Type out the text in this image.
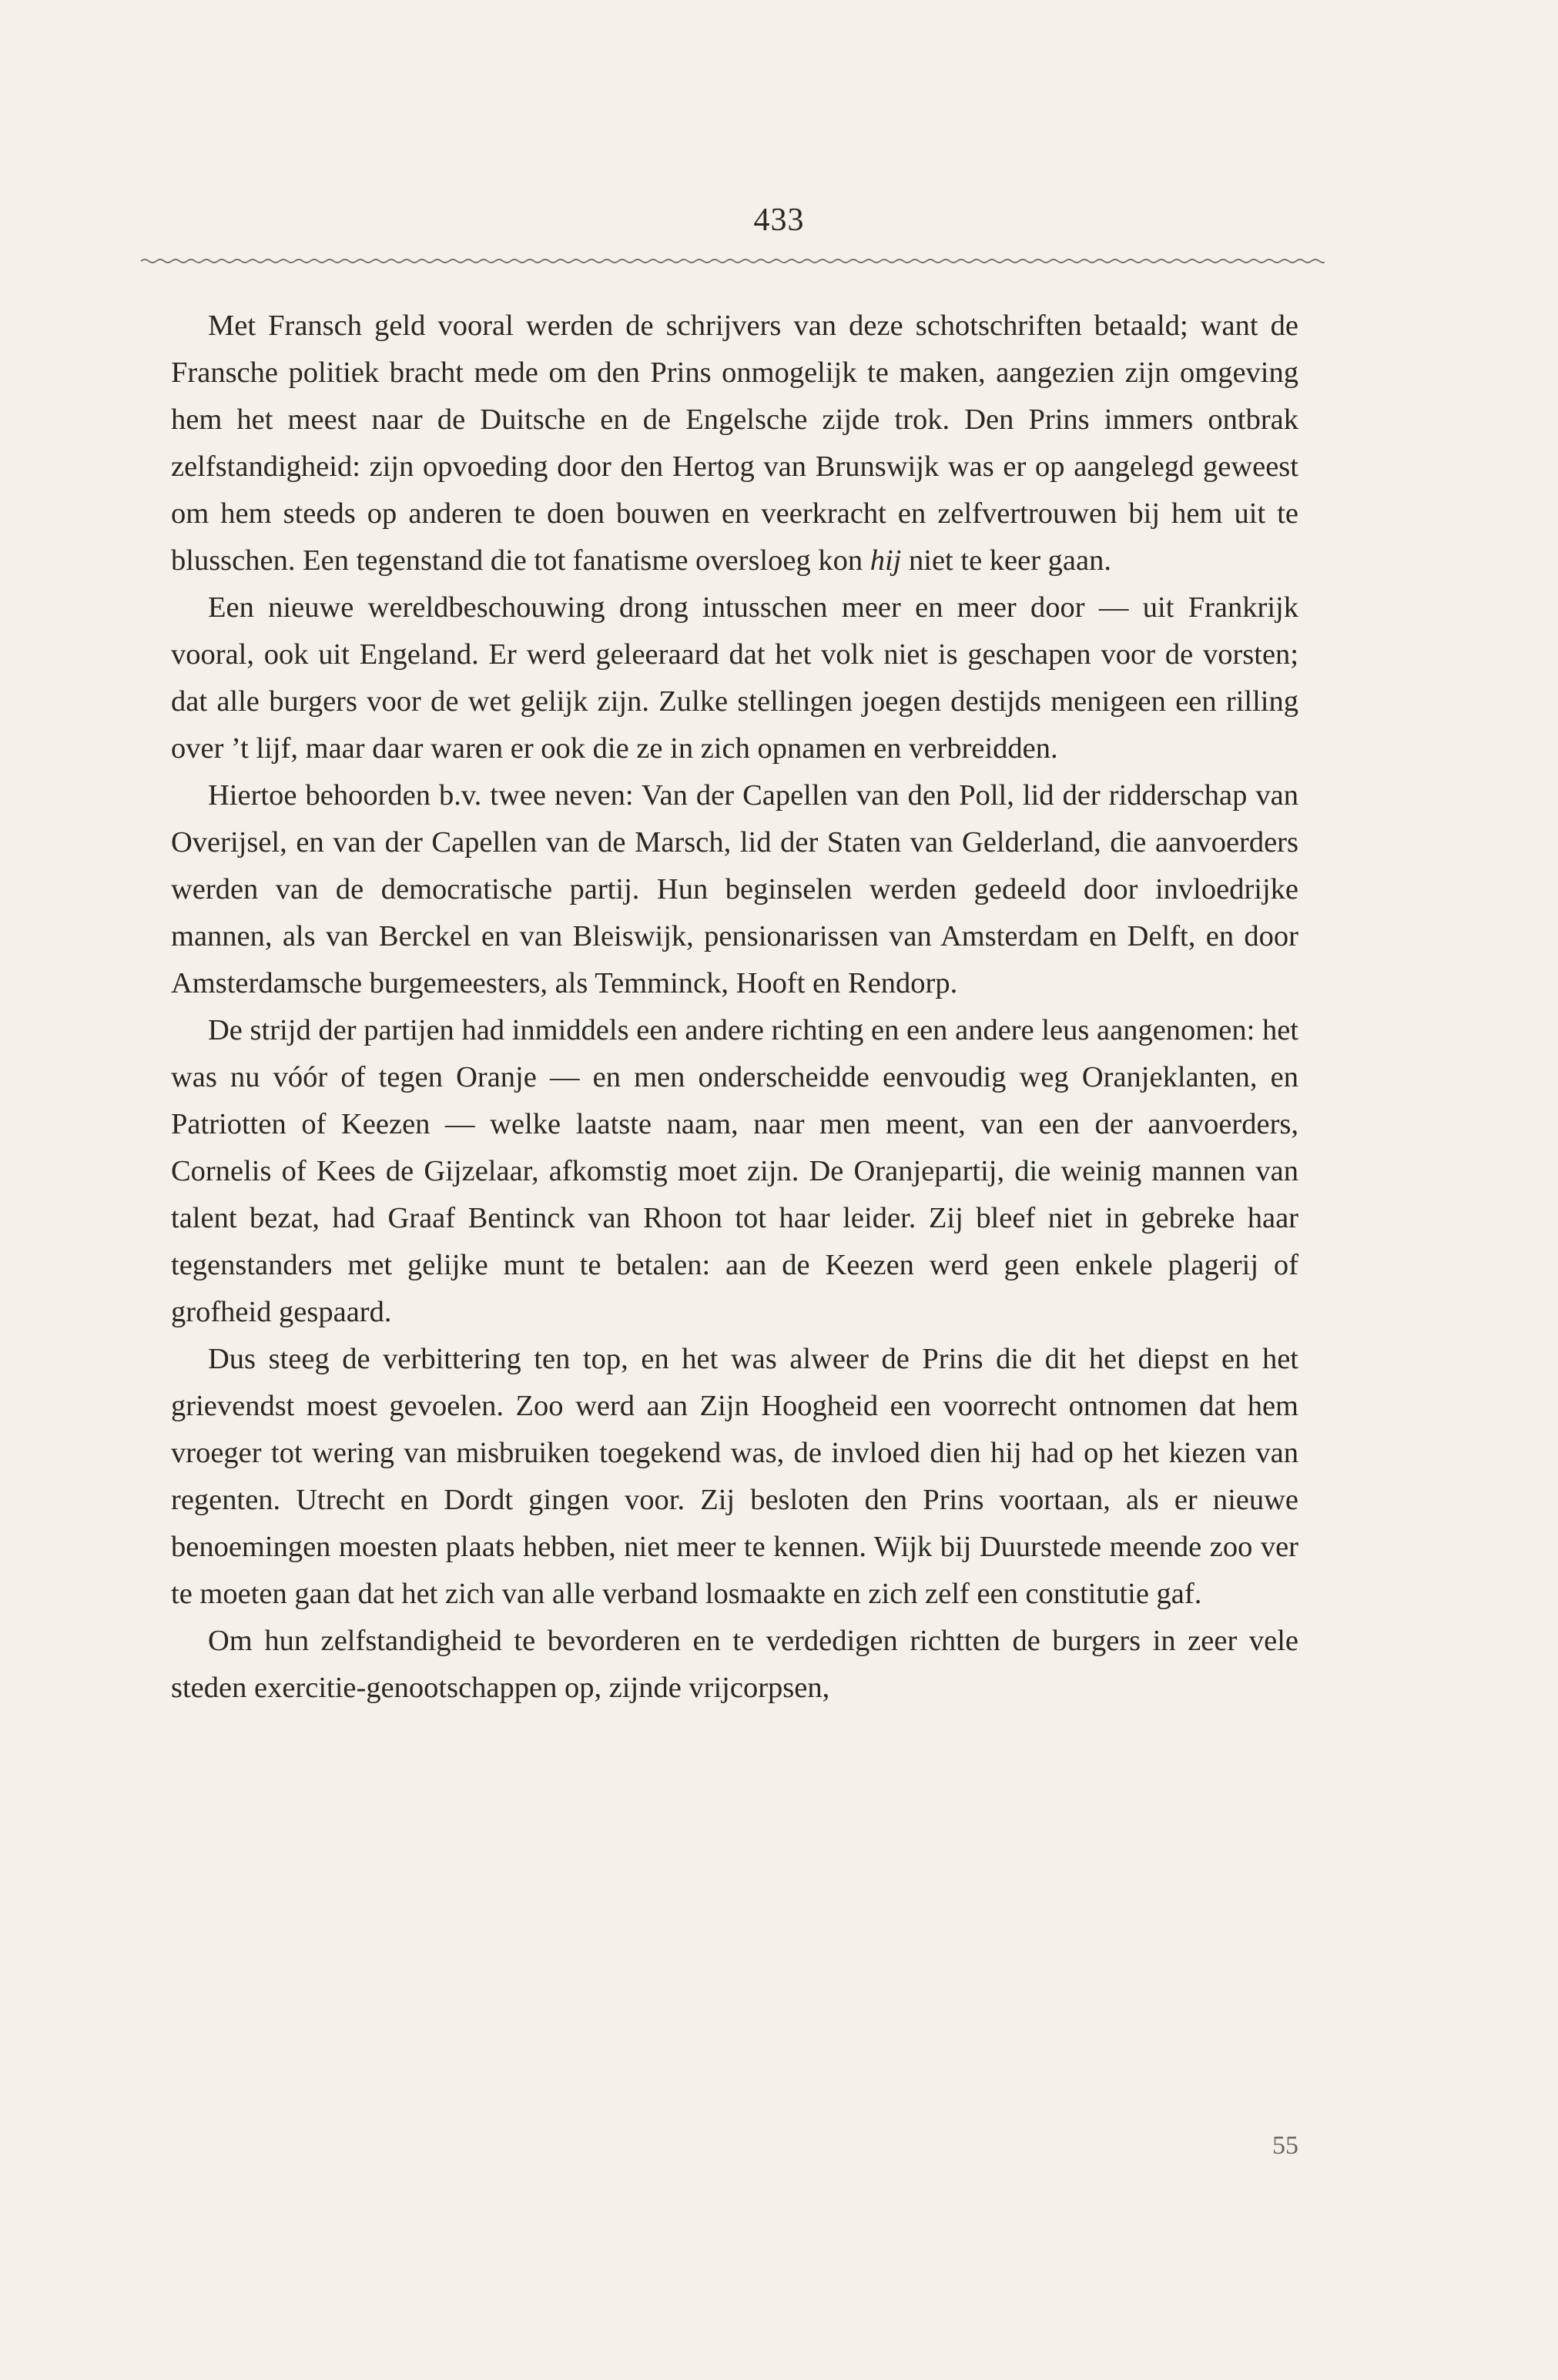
433

Met Fransch geld vooral werden de schrijvers van deze schotschriften betaald; want de Fransche politiek bracht mede om den Prins onmogelijk te maken, aangezien zijn omgeving hem het meest naar de Duitsche en de Engelsche zijde trok. Den Prins immers ontbrak zelfstandigheid: zijn opvoeding door den Hertog van Brunswijk was er op aangelegd geweest om hem steeds op anderen te doen bouwen en veerkracht en zelfvertrouwen bij hem uit te blusschen. Een tegenstand die tot fanatisme oversloeg kon hij niet te keer gaan.

Een nieuwe wereldbeschouwing drong intusschen meer en meer door — uit Frankrijk vooral, ook uit Engeland. Er werd geleeraard dat het volk niet is geschapen voor de vorsten; dat alle burgers voor de wet gelijk zijn. Zulke stellingen joegen destijds menigeen een rilling over ’t lijf, maar daar waren er ook die ze in zich opnamen en verbreidden.

Hiertoe behoorden b.v. twee neven: Van der Capellen van den Poll, lid der ridderschap van Overijsel, en van der Capellen van de Marsch, lid der Staten van Gelderland, die aanvoerders werden van de democratische partij. Hun beginselen werden gedeeld door invloedrijke mannen, als van Berckel en van Bleiswijk, pensionarissen van Amsterdam en Delft, en door Amsterdamsche burgemeesters, als Temminck, Hooft en Rendorp.

De strijd der partijen had inmiddels een andere richting en een andere leus aangenomen: het was nu vóór of tegen Oranje — en men onderscheidde eenvoudig weg Oranjeklanten, en Patriotten of Keezen — welke laatste naam, naar men meent, van een der aanvoerders, Cornelis of Kees de Gijzelaar, afkomstig moet zijn. De Oranjepartij, die weinig mannen van talent bezat, had Graaf Bentinck van Rhoon tot haar leider. Zij bleef niet in gebreke haar tegenstanders met gelijke munt te betalen: aan de Keezen werd geen enkele plagerij of grofheid gespaard.

Dus steeg de verbittering ten top, en het was alweer de Prins die dit het diepst en het grievendst moest gevoelen. Zoo werd aan Zijn Hoogheid een voorrecht ontnomen dat hem vroeger tot wering van misbruiken toegekend was, de invloed dien hij had op het kiezen van regenten. Utrecht en Dordt gingen voor. Zij besloten den Prins voortaan, als er nieuwe benoemingen moesten plaats hebben, niet meer te kennen. Wijk bij Duurstede meende zoo ver te moeten gaan dat het zich van alle verband losmaakte en zich zelf een constitutie gaf.

Om hun zelfstandigheid te bevorderen en te verdedigen richtten de burgers in zeer vele steden exercitie-genootschappen op, zijnde vrijcorpsen,

55
